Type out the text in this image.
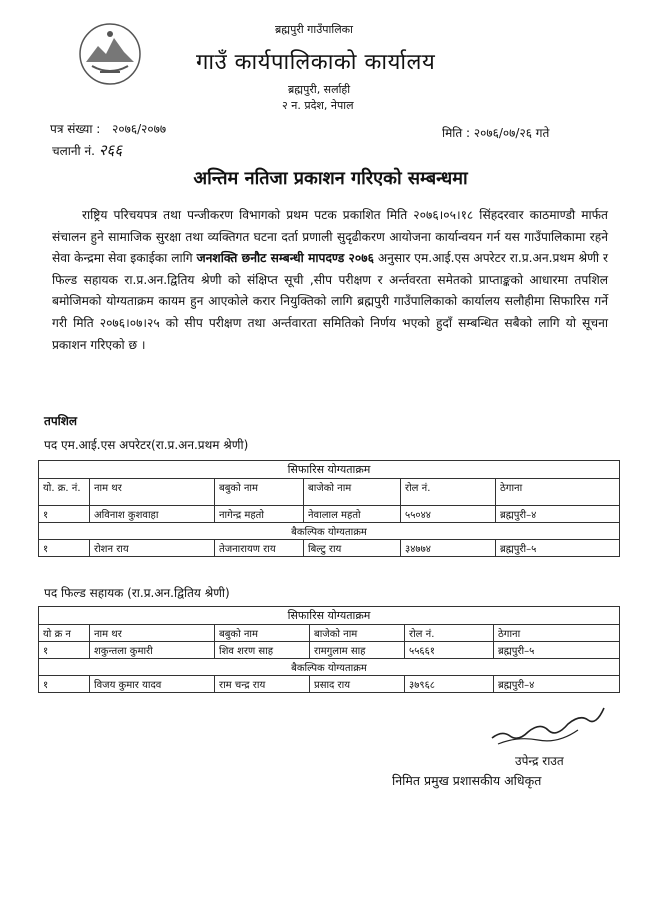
ब्रह्मपुरी गाउँपालिका
गाउँ कार्यपालिकाको कार्यालय
ब्रह्मपुरी, सर्लाही
२ न. प्रदेश, नेपाल
पत्र संख्या : २०७६/२०७७
चलानी नं. २६६
मिति : २०७६/०७/२६ गते
अन्तिम नतिजा प्रकाशन गरिएको सम्बन्धमा
राष्ट्रिय परिचयपत्र तथा पन्जीकरण विभागको प्रथम पटक प्रकाशित मिति २०७६।०५।१८ सिंहदरवार काठमाण्डौ मार्फत संचालन हुने सामाजिक सुरक्षा तथा व्यक्तिगत घटना दर्ता प्रणाली सुदृढीकरण आयोजना कार्यान्वयन गर्न यस गाउँपालिकामा रहने सेवा केन्द्रमा सेवा इकाईका लागि जनशक्ति छनौट सम्बन्धी मापदण्ड २०७६ अनुसार एम.आई.एस अपरेटर रा.प्र.अन.प्रथम श्रेणी र फिल्ड सहायक रा.प्र.अन.द्वितिय श्रेणी को संक्षिप्त सूची ,सीप परीक्षण र अर्न्तवरता समेतको प्राप्ताङ्कको आधारमा तपशिल बमोजिमको योग्यताक्रम कायम हुन आएकोले करार नियुक्तिको लागि ब्रह्मपुरी गाउँपालिकाको कार्यालय सलौहीमा सिफारिस गर्ने गरी मिति २०७६।०७।२५ को सीप परीक्षण तथा अर्न्तवारता समितिको निर्णय भएको हुदाँ सम्बन्धित सबैको लागि यो सूचना प्रकाशन गरिएको छ ।
तपशिल
पद एम.आई.एस अपरेटर(रा.प्र.अन.प्रथम श्रेणी)
सिफारिस योग्यताक्रम					
यो. क्र. नं.	नाम थर	बबुको नाम	बाजेको नाम	रोल नं.	ठेगाना
१	अविनाश कुशवाहा	नागेन्द्र महतो	नेवालाल महतो	५५०४४	ब्रह्मपुरी–४
बैकल्पिक योग्यताक्रम					
१	रोशन राय	तेजनारायण राय	बिल्टु राय	३४७७४	ब्रह्मपुरी–५
पद फिल्ड सहायक (रा.प्र.अन.द्वितिय श्रेणी)
सिफारिस योग्यताक्रम					
यो क्र न	नाम थर	बबुको नाम	बाजेको नाम	रोल नं.	ठेगाना
१	शकुन्तला कुमारी	शिव शरण साह	रामगुलाम साह	५५६६१	ब्रह्मपुरी–५
बैकल्पिक योग्यताक्रम					
१	विजय कुमार यादव	राम चन्द्र राय	प्रसाद राय	३७९६८	ब्रह्मपुरी–४
उपेन्द्र राउत
निमित प्रमुख प्रशासकीय अधिकृत
